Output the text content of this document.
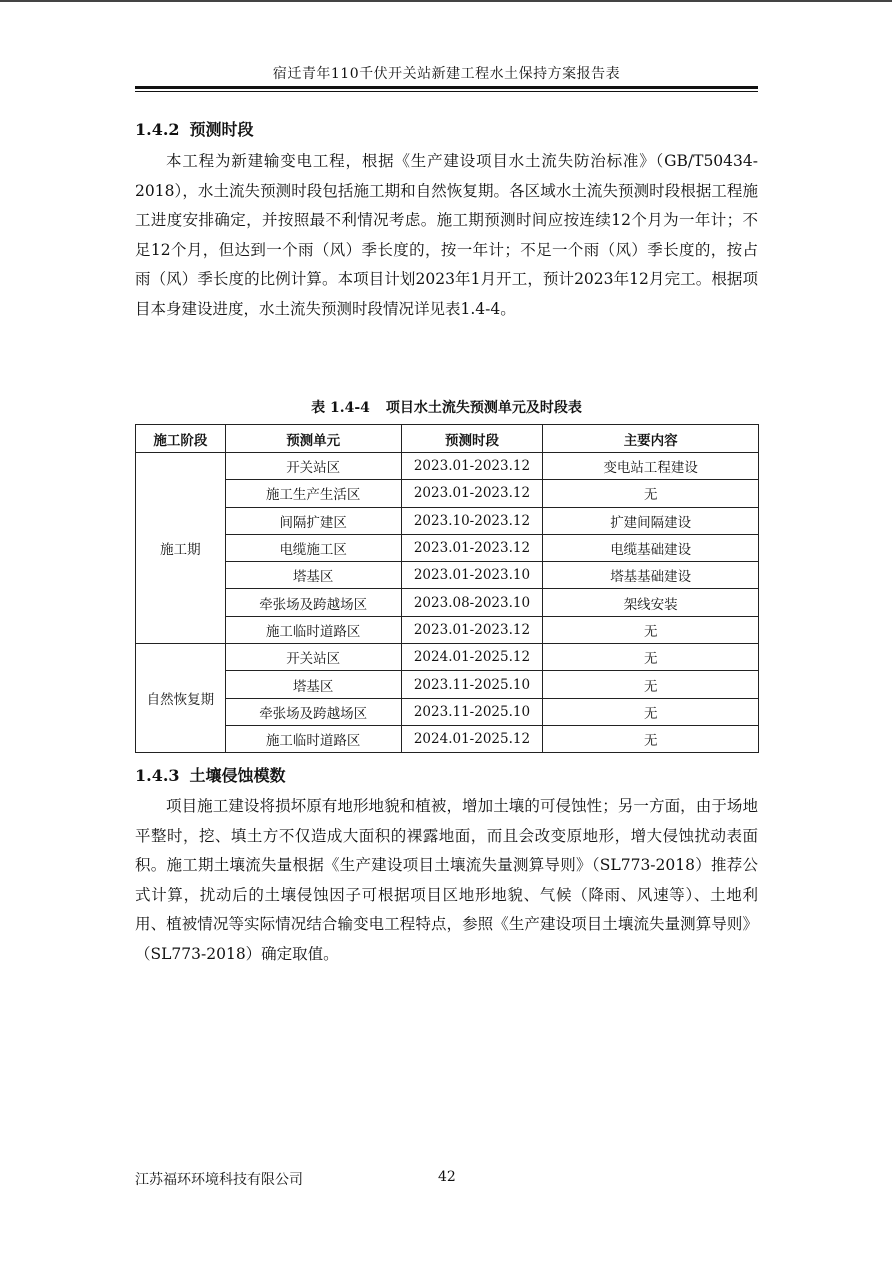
宿迁青年110千伏开关站新建工程水土保持方案报告表
1.4.2 预测时段
本工程为新建输变电工程，根据《生产建设项目水土流失防治标准》（GB/T50434-2018），水土流失预测时段包括施工期和自然恢复期。各区域水土流失预测时段根据工程施工进度安排确定，并按照最不利情况考虑。施工期预测时间应按连续12个月为一年计；不足12个月，但达到一个雨（风）季长度的，按一年计；不足一个雨（风）季长度的，按占雨（风）季长度的比例计算。本项目计划2023年1月开工，预计2023年12月完工。根据项目本身建设进度，水土流失预测时段情况详见表1.4-4。
表 1.4-4 项目水土流失预测单元及时段表
施工阶段	预测单元	预测时段	主要内容
施工期	开关站区	2023.01-2023.12	变电站工程建设
	施工生产生活区	2023.01-2023.12	无
	间隔扩建区	2023.10-2023.12	扩建间隔建设
	电缆施工区	2023.01-2023.12	电缆基础建设
	塔基区	2023.01-2023.10	塔基基础建设
	牵张场及跨越场区	2023.08-2023.10	架线安装
	施工临时道路区	2023.01-2023.12	无
自然恢复期	开关站区	2024.01-2025.12	无
	塔基区	2023.11-2025.10	无
	牵张场及跨越场区	2023.11-2025.10	无
	施工临时道路区	2024.01-2025.12	无
1.4.3 土壤侵蚀模数
项目施工建设将损坏原有地形地貌和植被，增加土壤的可侵蚀性；另一方面，由于场地平整时，挖、填土方不仅造成大面积的裸露地面，而且会改变原地形，增大侵蚀扰动表面积。施工期土壤流失量根据《生产建设项目土壤流失量测算导则》（SL773-2018）推荐公式计算，扰动后的土壤侵蚀因子可根据项目区地形地貌、气候（降雨、风速等）、土地利用、植被情况等实际情况结合输变电工程特点，参照《生产建设项目土壤流失量测算导则》（SL773-2018）确定取值。
江苏福环环境科技有限公司	42
